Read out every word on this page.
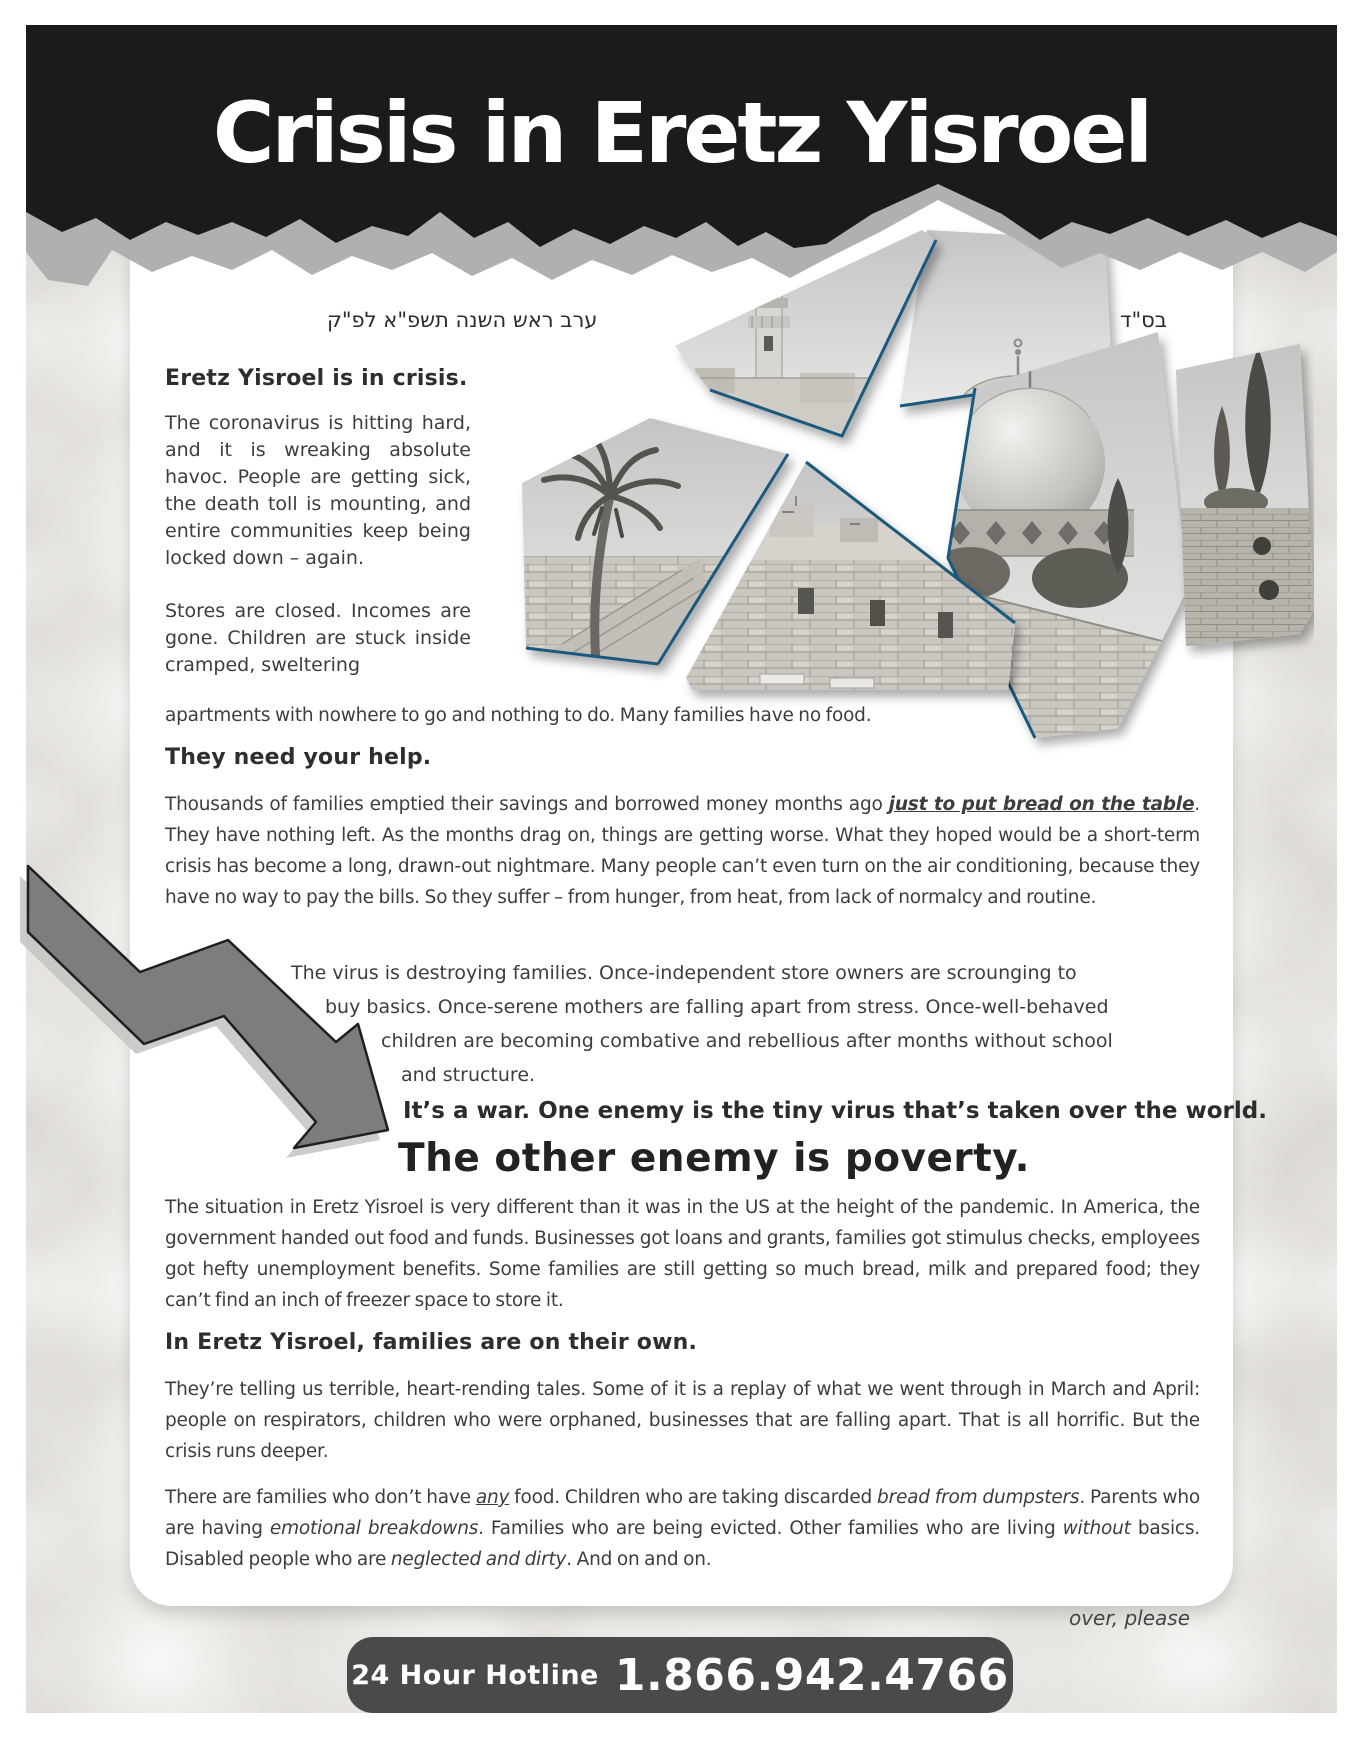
Crisis in Eretz Yisroel
ערב ראש השנה תשפ"א לפ"ק	בס"ד
Eretz Yisroel is in crisis.
The coronavirus is hitting hard, and it is wreaking absolute havoc. People are getting sick, the death toll is mounting, and entire communities keep being locked down – again.
Stores are closed. Incomes are gone. Children are stuck inside cramped, sweltering
apartments with nowhere to go and nothing to do. Many families have no food.
They need your help.
Thousands of families emptied their savings and borrowed money months ago just to put bread on the table. They have nothing left. As the months drag on, things are getting worse. What they hoped would be a short-term crisis has become a long, drawn-out nightmare. Many people can’t even turn on the air conditioning, because they have no way to pay the bills. So they suffer – from hunger, from heat, from lack of normalcy and routine.
The virus is destroying families. Once-independent store owners are scrounging to
buy basics. Once-serene mothers are falling apart from stress. Once-well-behaved
children are becoming combative and rebellious after months without school
and structure.
It’s a war. One enemy is the tiny virus that’s taken over the world.
The other enemy is poverty.
The situation in Eretz Yisroel is very different than it was in the US at the height of the pandemic. In America, the government handed out food and funds. Businesses got loans and grants, families got stimulus checks, employees got hefty unemployment benefits. Some families are still getting so much bread, milk and prepared food; they can’t find an inch of freezer space to store it.
In Eretz Yisroel, families are on their own.
They’re telling us terrible, heart-rending tales. Some of it is a replay of what we went through in March and April: people on respirators, children who were orphaned, businesses that are falling apart. That is all horrific. But the crisis runs deeper.
There are families who don’t have any food. Children who are taking discarded bread from dumpsters. Parents who are having emotional breakdowns. Families who are being evicted. Other families who are living without basics. Disabled people who are neglected and dirty. And on and on.
over, please
24 Hour Hotline 1.866.942.4766
